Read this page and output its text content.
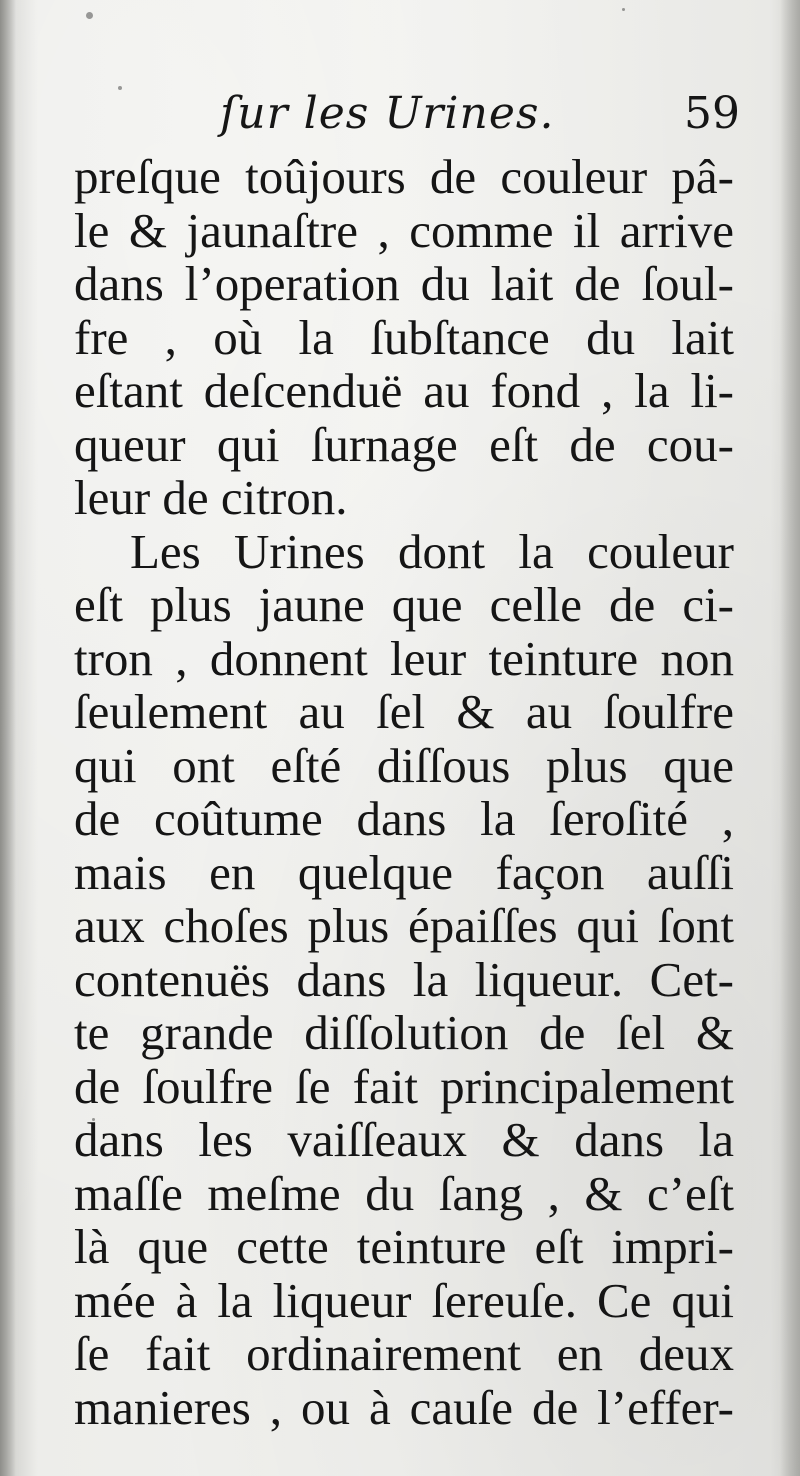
ſur les Urines.	59
preſque toûjours de couleur pâ-
le & jaunaſtre , comme il arrive
dans l’operation du lait de ſoul-
fre , où la ſubſtance du lait
eſtant deſcenduë au fond , la li-
queur qui ſurnage eſt de cou-
leur de citron.
Les Urines dont la couleur
eſt plus jaune que celle de ci-
tron , donnent leur teinture non
ſeulement au ſel & au ſoulfre
qui ont eſté diſſous plus que
de coûtume dans la ſeroſité ,
mais en quelque façon auſſi
aux choſes plus épaiſſes qui ſont
contenuës dans la liqueur. Cet-
te grande diſſolution de ſel &
de ſoulfre ſe fait principalement
dans les vaiſſeaux & dans la
maſſe meſme du ſang , & c’eſt
là que cette teinture eſt impri-
mée à la liqueur ſereuſe. Ce qui
ſe fait ordinairement en deux
manieres , ou à cauſe de l’effer-
